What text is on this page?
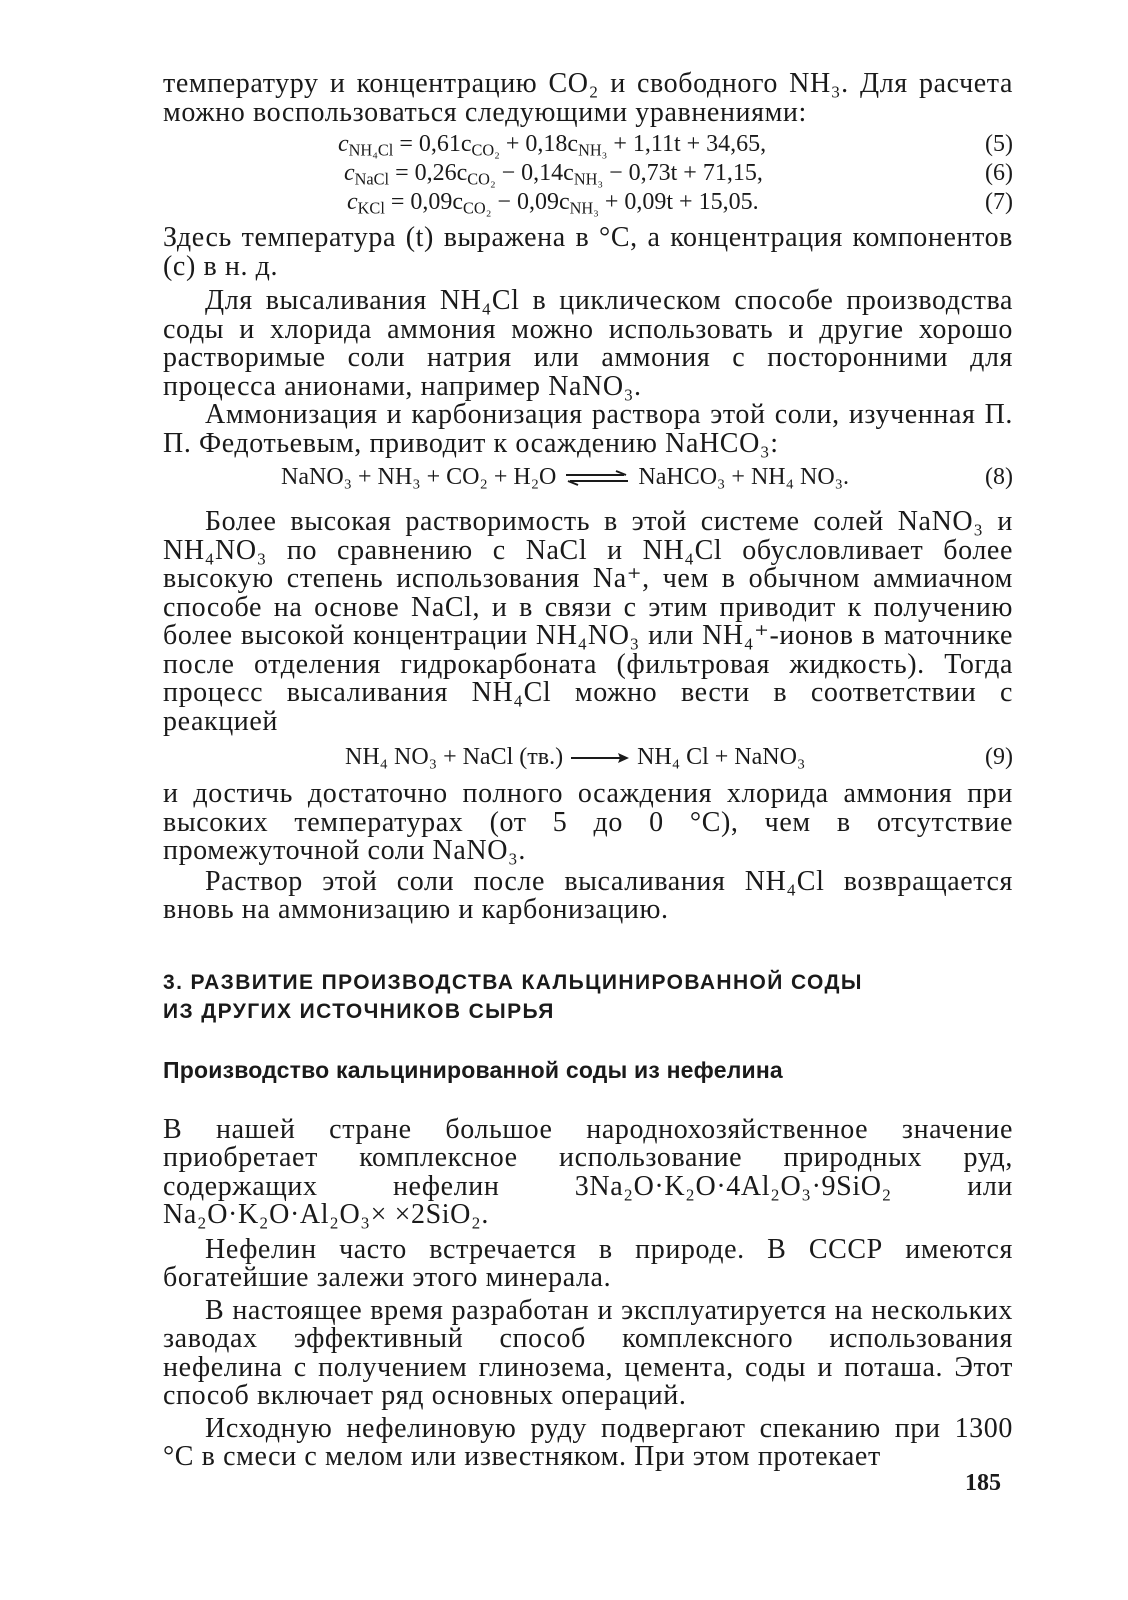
температуру и концентрацию CO₂ и свободного NH₃. Для расчета можно воспользоваться следующими уравнениями:

$c_{NH_4Cl} = 0,61c_{CO_2} + 0,18c_{NH_3} + 1,11t + 34,65$,	(5)
$c_{NaCl} = 0,26c_{CO_2} - 0,14c_{NH_3} - 0,73t + 71,15$,	(6)
$c_{KCl} = 0,09c_{CO_2} - 0,09c_{NH_3} + 0,09t + 15,05$.	(7)

Здесь температура (t) выражена в °С, а концентрация компонентов (c) в н. д.

Для высаливания NH₄Cl в циклическом способе производства соды и хлорида аммония можно использовать и другие хорошо растворимые соли натрия или аммония с посторонними для процесса анионами, например NaNO₃.

Аммонизация и карбонизация раствора этой соли, изученная П. П. Федотьевым, приводит к осаждению NaHCO₃:

NaNO₃ + NH₃ + CO₂ + H₂O ⇌ NaHCO₃ + NH₄ NO₃.	(8)

Более высокая растворимость в этой системе солей NaNO₃ и NH₄NO₃ по сравнению с NaCl и NH₄Cl обусловливает более высокую степень использования Na⁺, чем в обычном аммиачном способе на основе NaCl, и в связи с этим приводит к получению более высокой концентрации NH₄NO₃ или NH₄⁺-ионов в маточнике после отделения гидрокарбоната (фильтровая жидкость). Тогда процесс высаливания NH₄Cl можно вести в соответствии с реакцией

NH₄ NO₃ + NaCl (тв.) → NH₄ Cl + NaNO₃	(9)

и достичь достаточно полного осаждения хлорида аммония при высоких температурах (от 5 до 0 °С), чем в отсутствие промежуточной соли NaNO₃.

Раствор этой соли после высаливания NH₄Cl возвращается вновь на аммонизацию и карбонизацию.

3. РАЗВИТИЕ ПРОИЗВОДСТВА КАЛЬЦИНИРОВАННОЙ СОДЫ

ИЗ ДРУГИХ ИСТОЧНИКОВ СЫРЬЯ

Производство кальцинированной соды из нефелина

В нашей стране большое народнохозяйственное значение приобретает комплексное использование природных руд, содержащих нефелин 3Na₂O·K₂O·4Al₂O₃·9SiO₂ или Na₂O·K₂O·Al₂O₃× ×2SiO₂.

Нефелин часто встречается в природе. В СССР имеются богатейшие залежи этого минерала.

В настоящее время разработан и эксплуатируется на нескольких заводах эффективный способ комплексного использования нефелина с получением глинозема, цемента, соды и поташа. Этот способ включает ряд основных операций.

Исходную нефелиновую руду подвергают спеканию при 1300 °С в смеси с мелом или известняком. При этом протекает

185
